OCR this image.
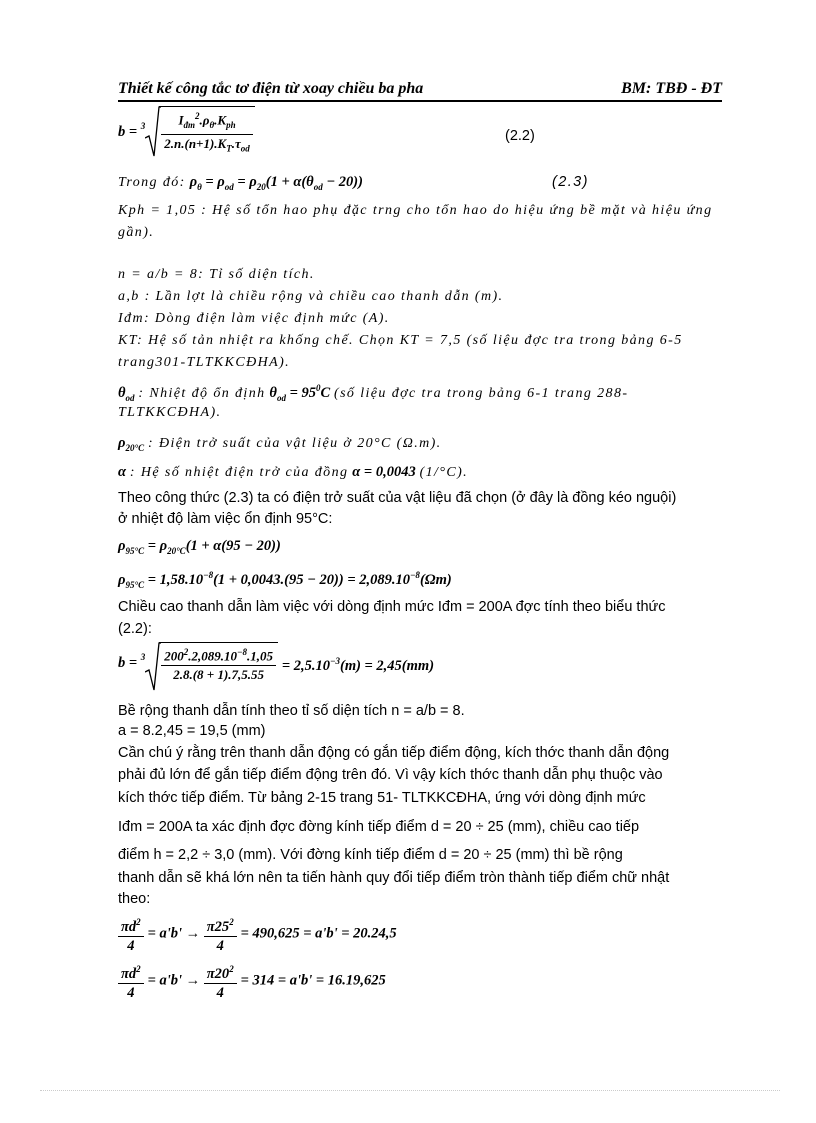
Thiết kế công tắc tơ điện từ xoay chiều ba pha	BM: TBĐ - ĐT
$b = ^3 \frac{I_{đm}^2.\rho_\theta.K_{ph}}{2.n.(n+1).K_T.\tau_{od}}$	(2.2)
Trong đó: $\rho_\theta = \rho_{od} = \rho_{20}(1 + \alpha(\theta_{od} - 20))$	(2.3)
Kph = 1,05 : Hệ số tổn hao phụ đặc trng cho tổn hao do hiệu ứng bề mặt và hiệu ứng
gần).
n = a/b = 8: Tỉ số diện tích.
a,b : Lần lợt là chiều rộng và chiều cao thanh dẫn (m).
Iđm: Dòng điện làm việc định mức (A).
KT: Hệ số tản nhiệt ra khống chế. Chọn KT = 7,5 (số liệu đợc tra trong bảng 6-5
trang301-TLTKKCĐHA).
$\theta_{od}$ : Nhiệt độ ổn định $\theta_{od} = 95^0C$ (số liệu đợc tra trong bảng 6-1 trang 288-
TLTKKCĐHA).
$\rho_{20^\circ C}$ : Điện trở suất của vật liệu ở 20°C (Ω.m).
α : Hệ số nhiệt điện trở của đồng α = 0,0043 (1/°C).
Theo công thức (2.3) ta có điện trở suất của vật liệu đã chọn (ở đây là đồng kéo nguội)
ở nhiệt độ làm việc ổn định 95°C:
$\rho_{95^\circ C} = \rho_{20^\circ C}(1 + \alpha(95 - 20))$
$\rho_{95^\circ C} = 1,58.10^{-8}(1 + 0,0043.(95 - 20)) = 2,089.10^{-8}(\Omega m)$
Chiều cao thanh dẫn làm việc với dòng định mức Iđm = 200A đợc tính theo biểu thức
(2.2):
$b = ^3 \frac{200^2.2,089.10^{-8}.1,05}{2.8.(8 + 1).7,5.55} = 2,5.10^{-3}(m) = 2,45(mm)$
Bề rộng thanh dẫn tính theo tỉ số diện tích n = a/b = 8.
a = 8.2,45 = 19,5 (mm)
Cần chú ý rằng trên thanh dẫn động có gắn tiếp điểm động, kích thớc thanh dẫn động
phải đủ lớn để gắn tiếp điểm động trên đó. Vì vậy kích thớc thanh dẫn phụ thuộc vào
kích thớc tiếp điểm. Từ bảng 2-15 trang 51- TLTKKCĐHA, ứng với dòng định mức
Iđm = 200A ta xác định đợc đờng kính tiếp điểm d = 20 ÷ 25 (mm), chiều cao tiếp
điểm h = 2,2 ÷ 3,0 (mm). Với đờng kính tiếp điểm d = 20 ÷ 25 (mm) thì bề rộng
thanh dẫn sẽ khá lớn nên ta tiến hành quy đổi tiếp điểm tròn thành tiếp điểm chữ nhật
theo:
$\frac{\pi d^2}{4} = a'b' \to \frac{\pi 25^2}{4} = 490,625 = a'b' = 20.24,5$
$\frac{\pi d^2}{4} = a'b' \to \frac{\pi 20^2}{4} = 314 = a'b' = 16.19,625$
